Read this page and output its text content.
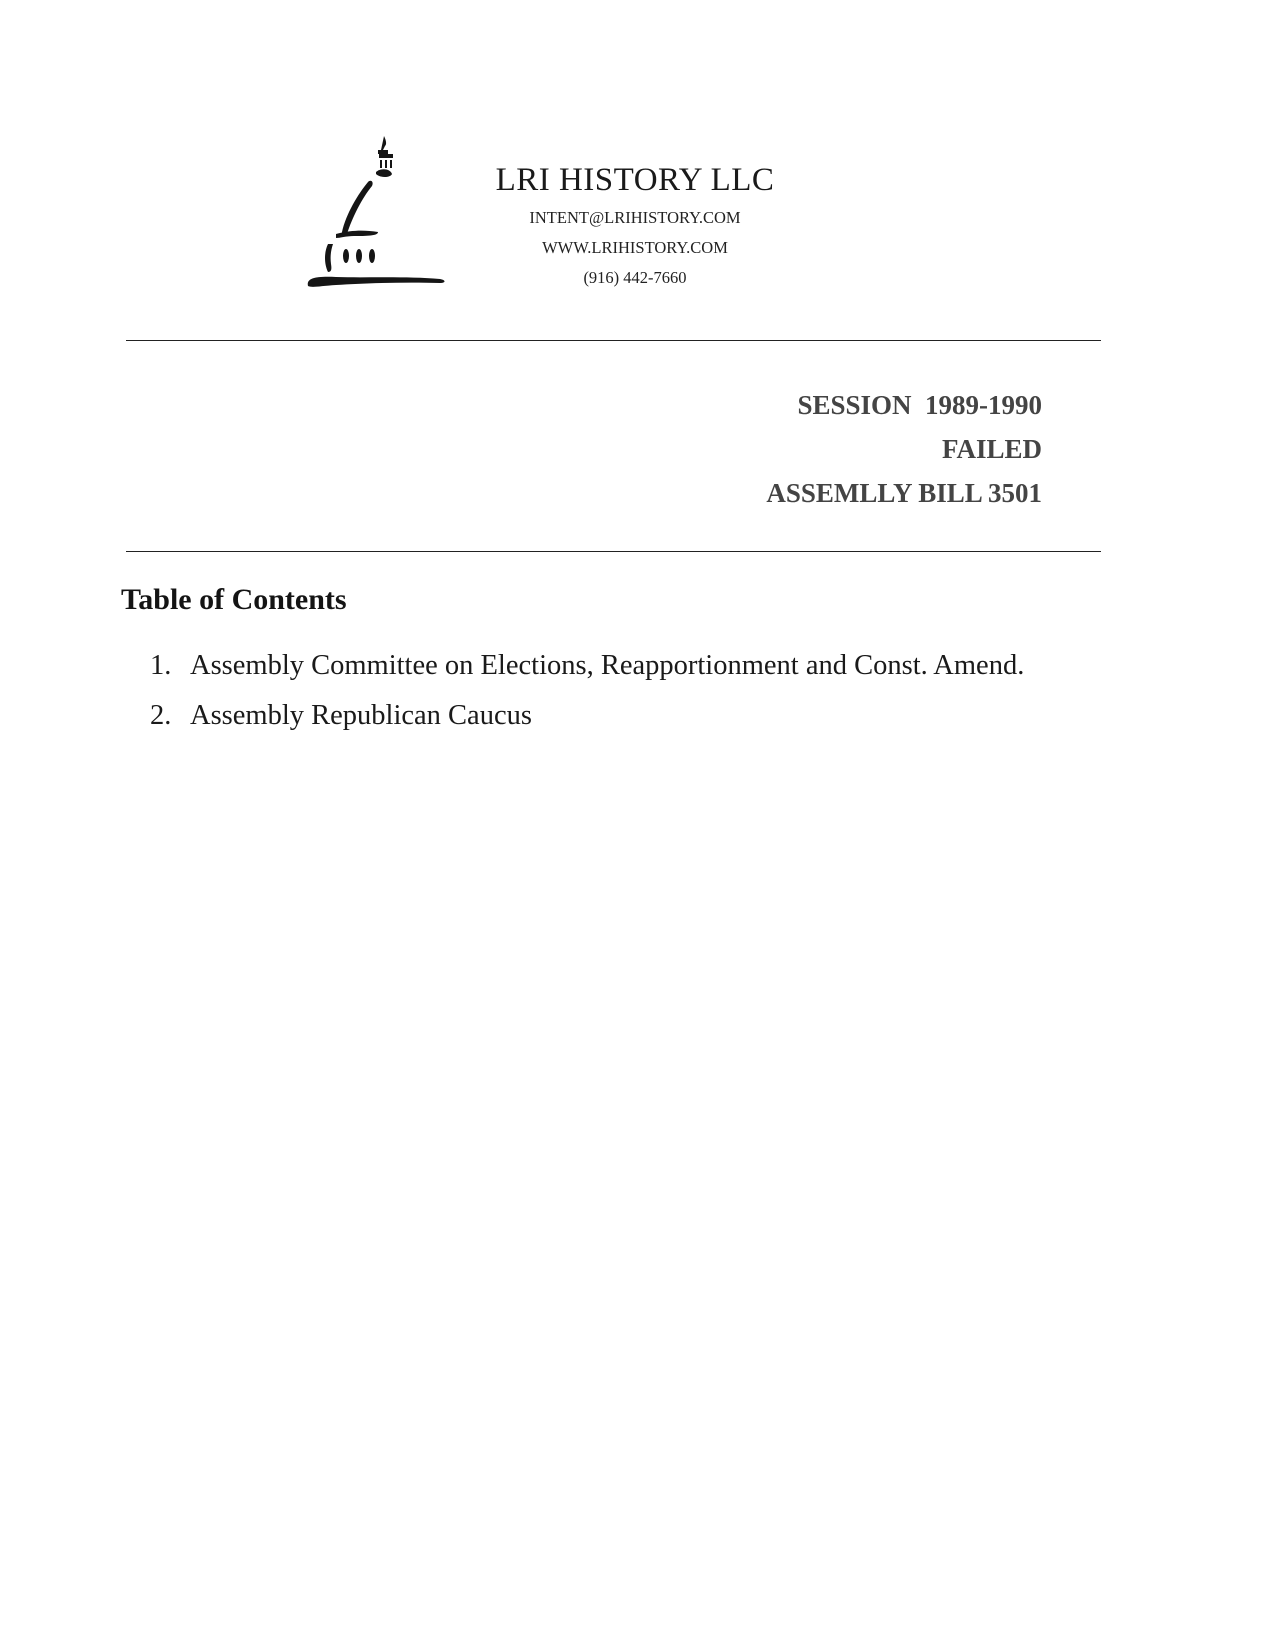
LRI HISTORY LLC
INTENT@LRIHISTORY.COM
WWW.LRIHISTORY.COM
(916) 442-7660
SESSION  1989-1990
FAILED
ASSEMLLY BILL 3501
Table of Contents
1. Assembly Committee on Elections, Reapportionment and Const. Amend.
2. Assembly Republican Caucus
